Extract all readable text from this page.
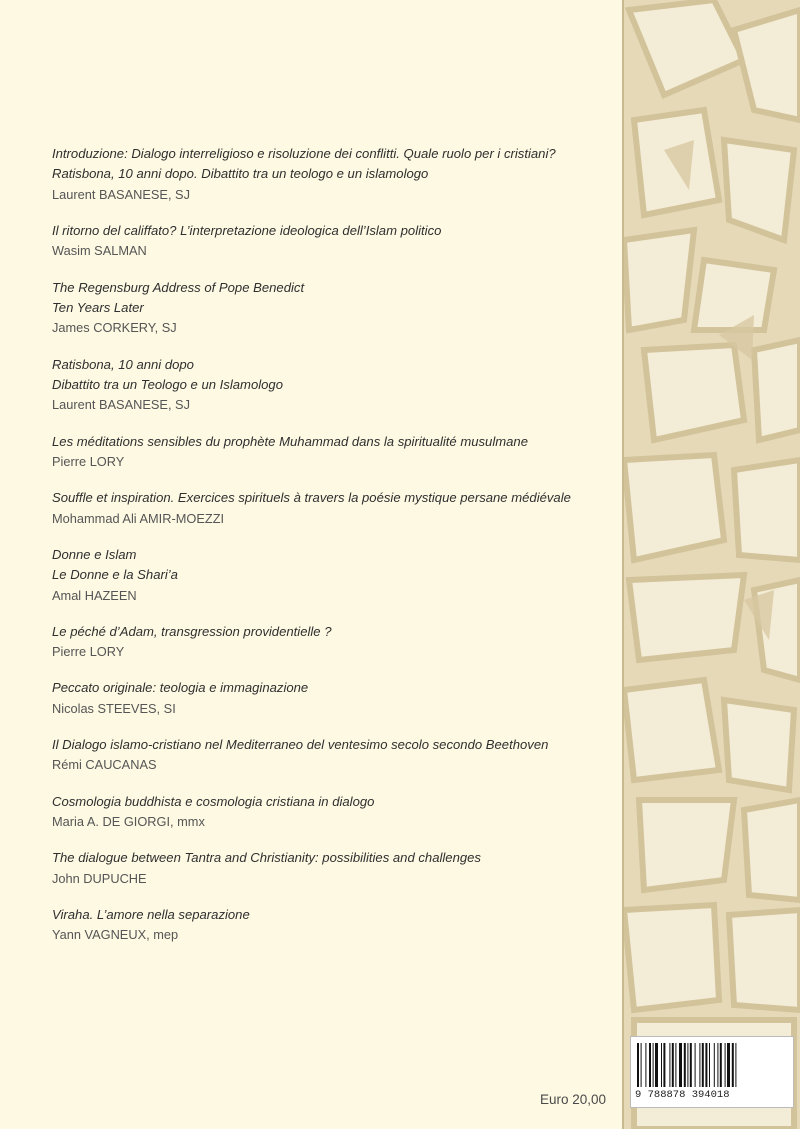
Introduzione: Dialogo interreligioso e risoluzione dei conflitti. Quale ruolo per i cristiani?
Ratisbona, 10 anni dopo. Dibattito tra un teologo e un islamologo
Laurent BASANESE, SJ
Il ritorno del califfato? L’interpretazione ideologica dell’Islam politico
Wasim SALMAN
The Regensburg Address of Pope Benedict
Ten Years Later
James CORKERY, SJ
Ratisbona, 10 anni dopo
Dibattito tra un Teologo e un Islamologo
Laurent BASANESE, SJ
Les méditations sensibles du prophète Muhammad dans la spiritualité musulmane
Pierre LORY
Souffle et inspiration. Exercices spirituels à travers la poésie mystique persane médiévale
Mohammad Ali AMIR-MOEZZI
Donne e Islam
Le Donne e la Shari’a
Amal HAZEEN
Le péché d’Adam, transgression providentielle ?
Pierre LORY
Peccato originale: teologia e immaginazione
Nicolas STEEVES, SI
Il Dialogo islamo-cristiano nel Mediterraneo del ventesimo secolo secondo Beethoven
Rémi CAUCANAS
Cosmologia buddhista e cosmologia cristiana in dialogo
Maria A. DE GIORGI, mmx
The dialogue between Tantra and Christianity: possibilities and challenges
John DUPUCHE
Viraha. L’amore nella separazione
Yann VAGNEUX, mep
Euro 20,00	9 788878 394018
